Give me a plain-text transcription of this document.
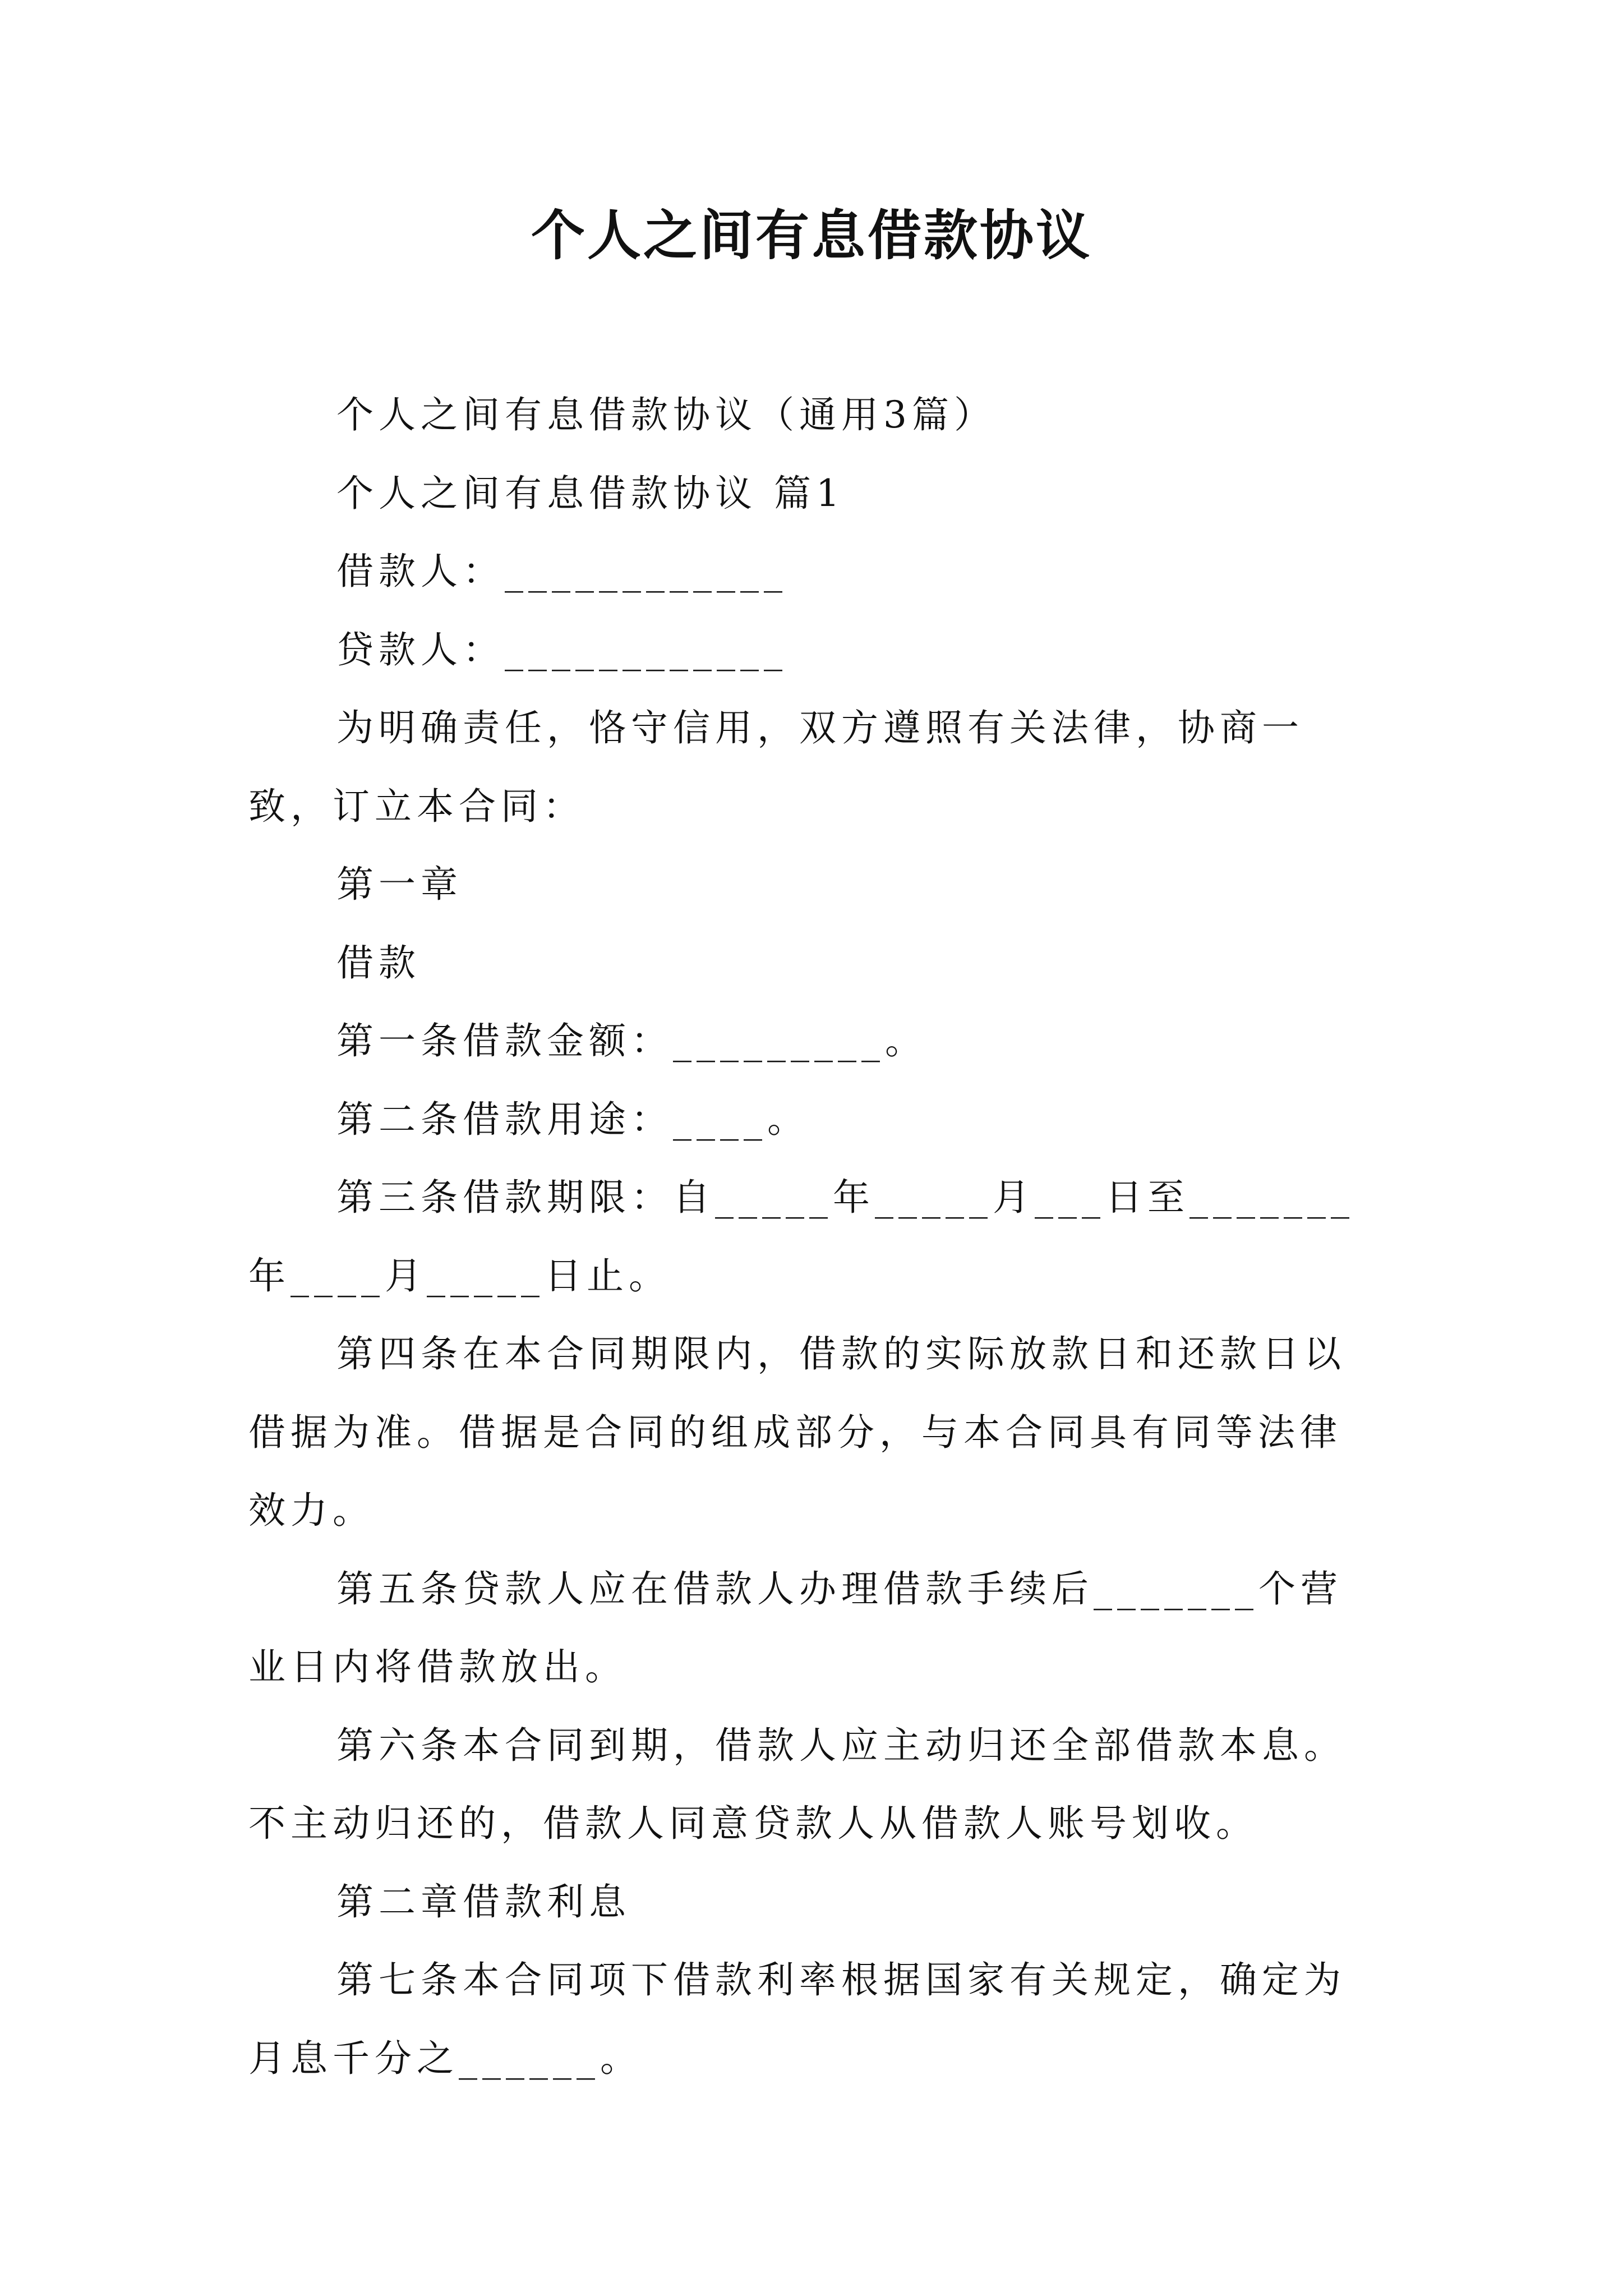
个人之间有息借款协议

个人之间有息借款协议（通用3篇）

个人之间有息借款协议 篇1

借款人：____________

贷款人：____________

为明确责任，恪守信用，双方遵照有关法律，协商一致，订立本合同：

第一章

借款

第一条借款金额：_________。

第二条借款用途：____。

第三条借款期限：自_____年_____月___日至_______年____月_____日止。

第四条在本合同期限内，借款的实际放款日和还款日以借据为准。借据是合同的组成部分，与本合同具有同等法律效力。

第五条贷款人应在借款人办理借款手续后_______个营业日内将借款放出。

第六条本合同到期，借款人应主动归还全部借款本息。不主动归还的，借款人同意贷款人从借款人账号划收。

第二章借款利息

第七条本合同项下借款利率根据国家有关规定，确定为月息千分之______。
